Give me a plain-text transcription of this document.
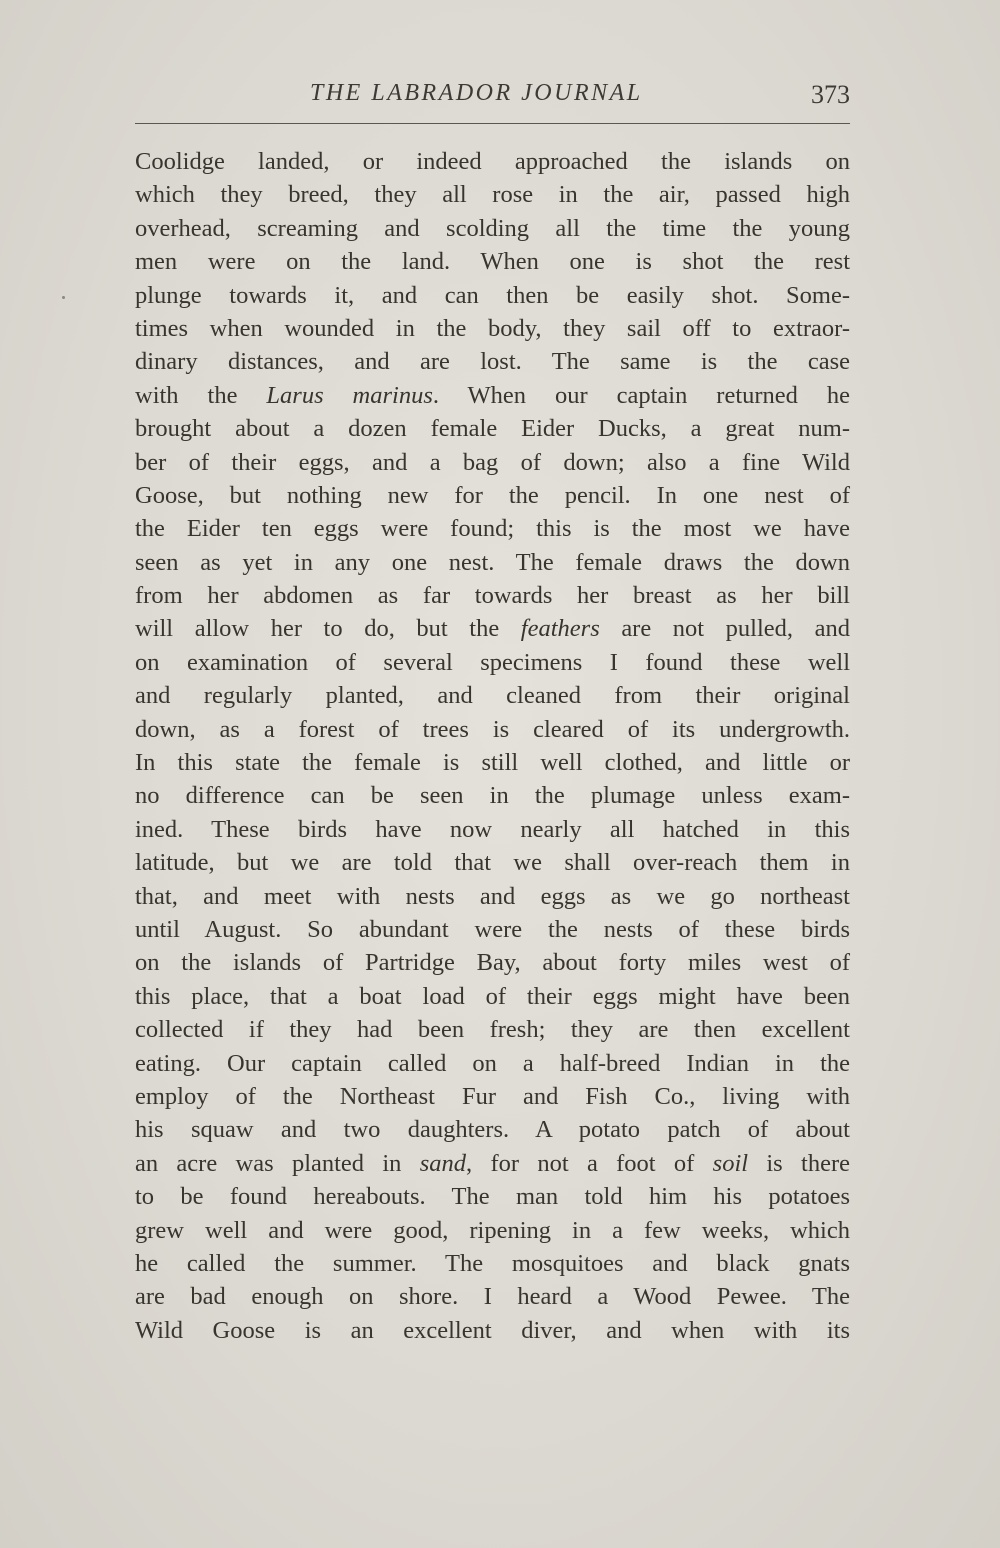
THE LABRADOR JOURNAL	373
Coolidge landed, or indeed approached the islands on
which they breed, they all rose in the air, passed high
overhead, screaming and scolding all the time the young
men were on the land. When one is shot the rest
plunge towards it, and can then be easily shot. Some-
times when wounded in the body, they sail off to extraor-
dinary distances, and are lost. The same is the case
with the Larus marinus. When our captain returned he
brought about a dozen female Eider Ducks, a great num-
ber of their eggs, and a bag of down; also a fine Wild
Goose, but nothing new for the pencil. In one nest of
the Eider ten eggs were found; this is the most we have
seen as yet in any one nest. The female draws the down
from her abdomen as far towards her breast as her bill
will allow her to do, but the feathers are not pulled, and
on examination of several specimens I found these well
and regularly planted, and cleaned from their original
down, as a forest of trees is cleared of its undergrowth.
In this state the female is still well clothed, and little or
no difference can be seen in the plumage unless exam-
ined. These birds have now nearly all hatched in this
latitude, but we are told that we shall over-reach them in
that, and meet with nests and eggs as we go northeast
until August. So abundant were the nests of these birds
on the islands of Partridge Bay, about forty miles west of
this place, that a boat load of their eggs might have been
collected if they had been fresh; they are then excellent
eating. Our captain called on a half-breed Indian in the
employ of the Northeast Fur and Fish Co., living with
his squaw and two daughters. A potato patch of about
an acre was planted in sand, for not a foot of soil is there
to be found hereabouts. The man told him his potatoes
grew well and were good, ripening in a few weeks, which
he called the summer. The mosquitoes and black gnats
are bad enough on shore. I heard a Wood Pewee. The
Wild Goose is an excellent diver, and when with its
